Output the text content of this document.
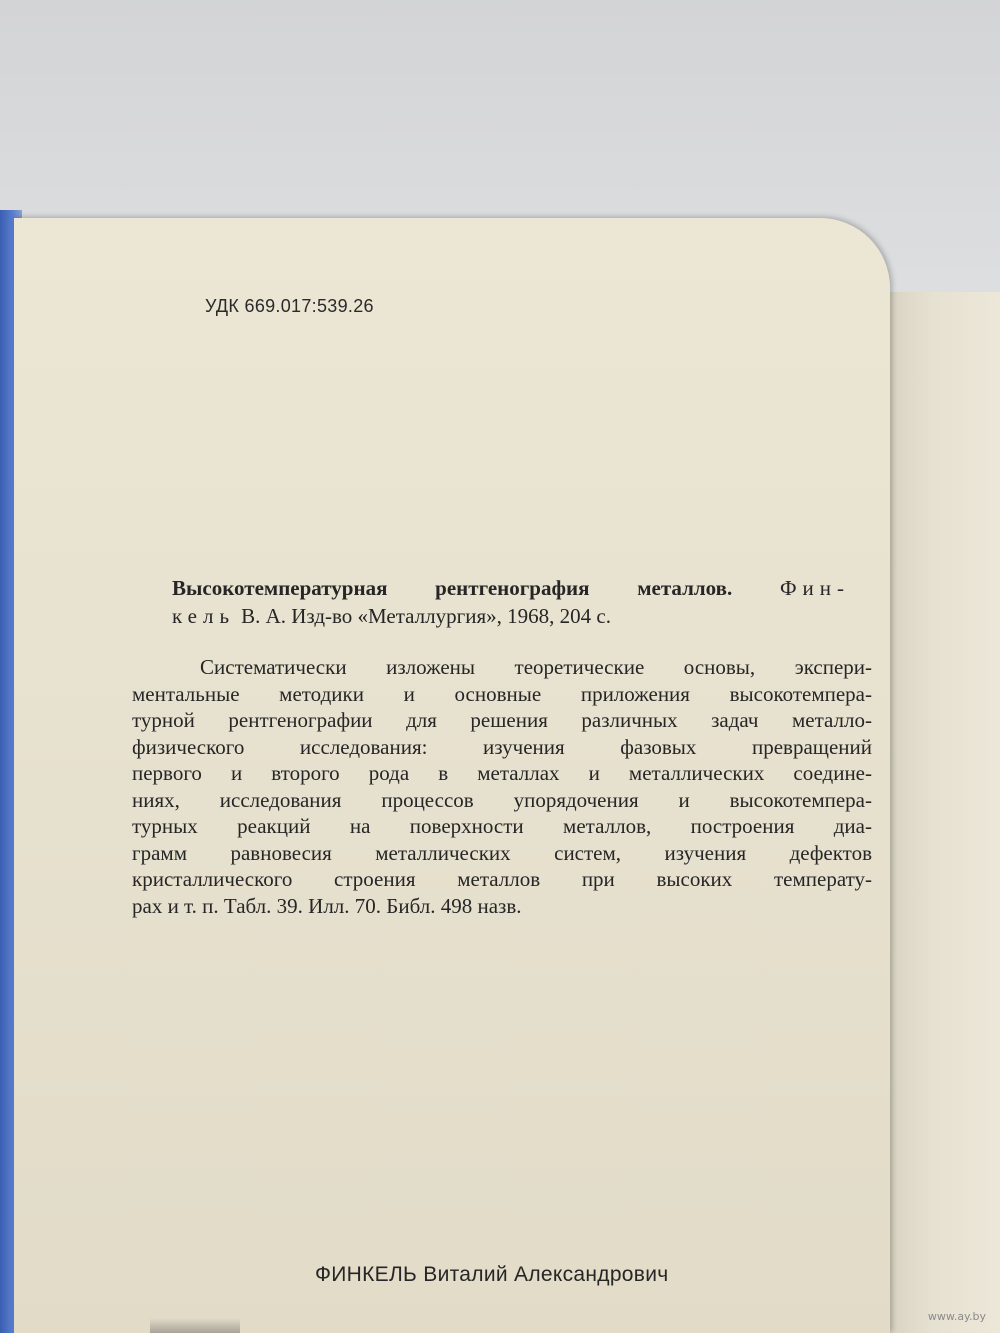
УДК 669.017:539.26
Высокотемпературная рентгенография металлов. Фин-
кель В. А. Изд-во «Металлургия», 1968, 204 с.
Систематически изложены теоретические основы, экспери-
ментальные методики и основные приложения высокотемпера-
турной рентгенографии для решения различных задач металло-
физического исследования: изучения фазовых превращений
первого и второго рода в металлах и металлических соедине-
ниях, исследования процессов упорядочения и высокотемпера-
турных реакций на поверхности металлов, построения диа-
грамм равновесия металлических систем, изучения дефектов
кристаллического строения металлов при высоких температу-
рах и т. п. Табл. 39. Илл. 70. Библ. 498 назв.
ФИНКЕЛЬ Виталий Александрович
www.ay.by
